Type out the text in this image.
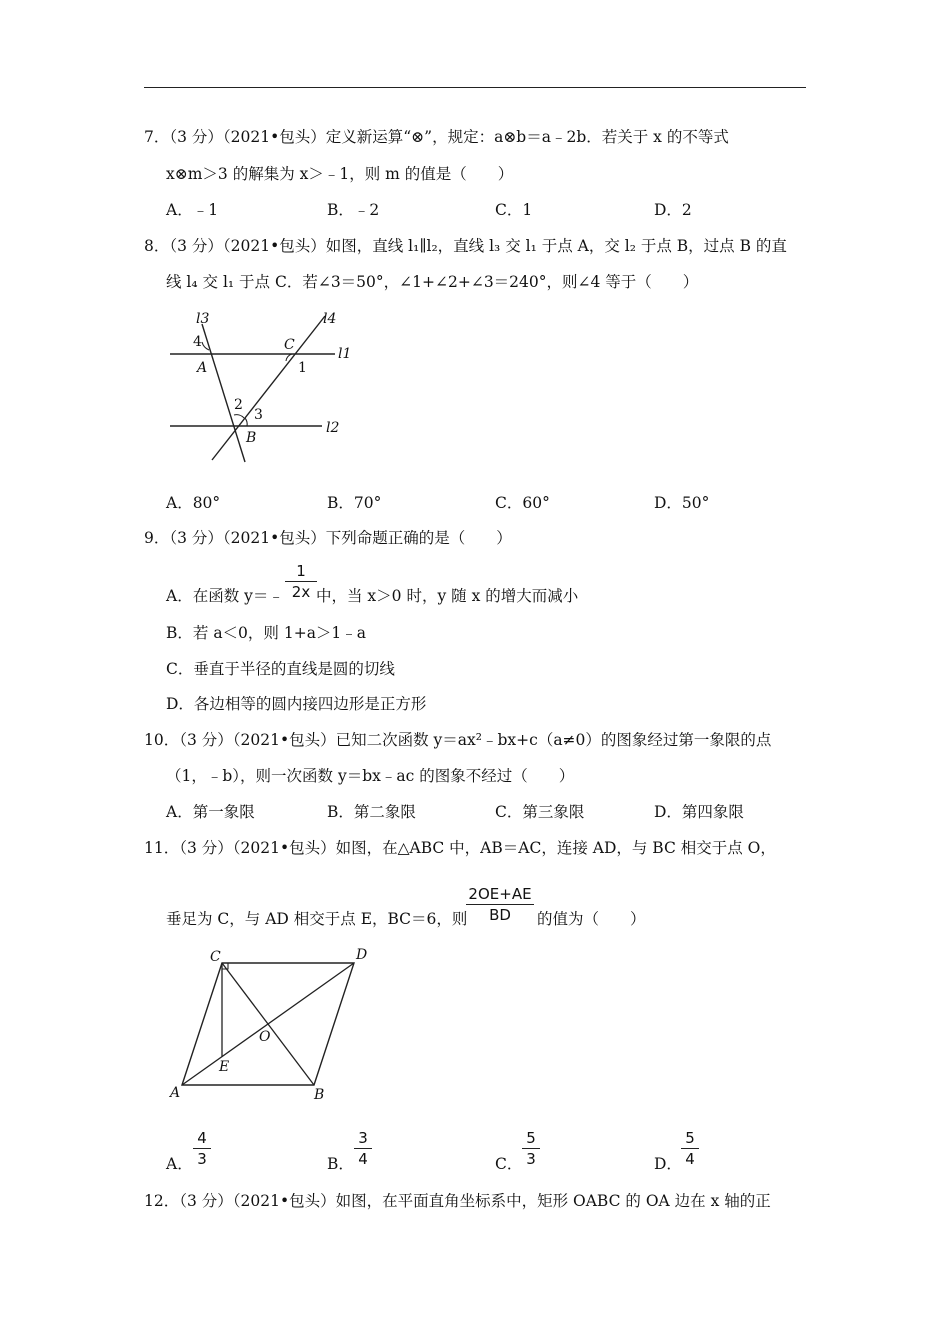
7．（3 分）（2021•包头）定义新运算“⊗”，规定：a⊗b＝a﹣2b．若关于 x 的不等式
x⊗m＞3 的解集为 x＞﹣1，则 m 的值是（　　）
A．﹣1	B．﹣2	C．1	D．2
8．（3 分）（2021•包头）如图，直线 l₁∥l₂，直线 l₃ 交 l₁ 于点 A，交 l₂ 于点 B，过点 B 的直
线 l₄ 交 l₁ 于点 C．若∠3＝50°，∠1+∠2+∠3＝240°，则∠4 等于（　　）
l3	l4
l1
l2
4
A
C
1
2
3
B
A．80°	B．70°	C．60°	D．50°
9．（3 分）（2021•包头）下列命题正确的是（　　）
A．在函数 y＝﹣
1
2x 中，当 x＞0 时，y 随 x 的增大而减小
B．若 a＜0，则 1+a＞1﹣a
C．垂直于半径的直线是圆的切线
D．各边相等的圆内接四边形是正方形
10．（3 分）（2021•包头）已知二次函数 y＝ax²﹣bx+c（a≠0）的图象经过第一象限的点
（1，﹣b），则一次函数 y＝bx﹣ac 的图象不经过（　　）
A．第一象限	B．第二象限	C．第三象限	D．第四象限
11．（3 分）（2021•包头）如图，在△ABC 中，AB＝AC，连接 AD，与 BC 相交于点 O，
垂足为 C，与 AD 相交于点 E，BC＝6，则
2OE+AE
BD	的值为（　　）
C	D
O
E
A	B
A．
4
3	B．
3
4	C．
5
3	D．
5
4
12．（3 分）（2021•包头）如图，在平面直角坐标系中，矩形 OABC 的 OA 边在 x 轴的正
